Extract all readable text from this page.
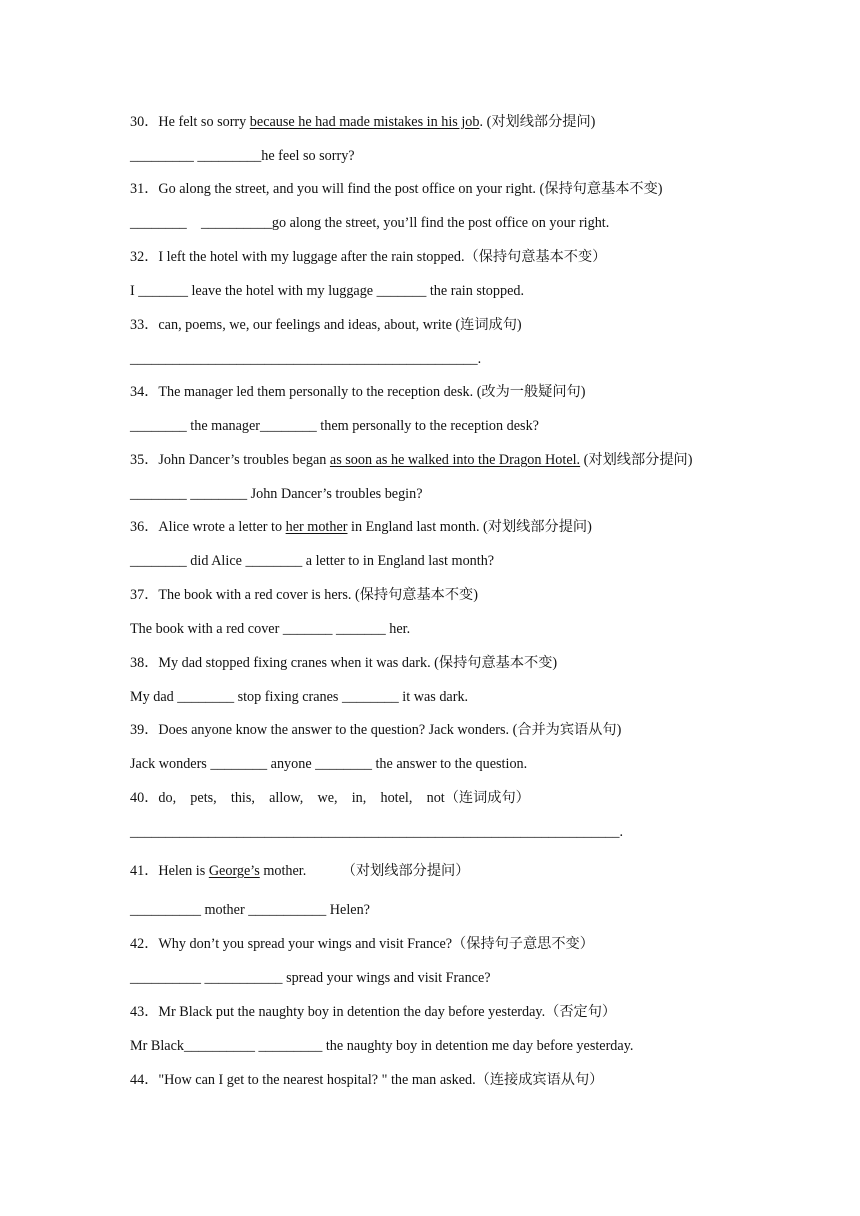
30．He felt so sorry because he had made mistakes in his job. (对划线部分提问)
_________ _________he feel so sorry?
31．Go along the street, and you will find the post office on your right. (保持句意基本不变)
________    __________go along the street, you’ll find the post office on your right.
32．I left the hotel with my luggage after the rain stopped.（保持句意基本不变）
I _______ leave the hotel with my luggage _______ the rain stopped.
33．can, poems, we, our feelings and ideas, about, write (连词成句)
_________________________________________________.
34．The manager led them personally to the reception desk. (改为一般疑问句)
________ the manager________ them personally to the reception desk?
35．John Dancer’s troubles began as soon as he walked into the Dragon Hotel. (对划线部分提问)
________ ________ John Dancer’s troubles begin?
36．Alice wrote a letter to her mother in England last month. (对划线部分提问)
________ did Alice ________ a letter to in England last month?
37．The book with a red cover is hers. (保持句意基本不变)
The book with a red cover _______ _______ her.
38．My dad stopped fixing cranes when it was dark. (保持句意基本不变)
My dad ________ stop fixing cranes ________ it was dark.
39．Does anyone know the answer to the question? Jack wonders. (合并为宾语从句)
Jack wonders ________ anyone ________ the answer to the question.
40．do,    pets,    this,    allow,    we,    in,    hotel,    not（连词成句）
_____________________________________________________________________.
41．Helen is George’s mother.          （对划线部分提问）
__________ mother ___________ Helen?
42．Why don’t you spread your wings and visit France?（保持句子意思不变）
__________ ___________ spread your wings and visit France?
43．Mr Black put the naughty boy in detention the day before yesterday.（否定句）
Mr Black__________ _________ the naughty boy in detention me day before yesterday.
44．"How can I get to the nearest hospital? " the man asked.（连接成宾语从句）
